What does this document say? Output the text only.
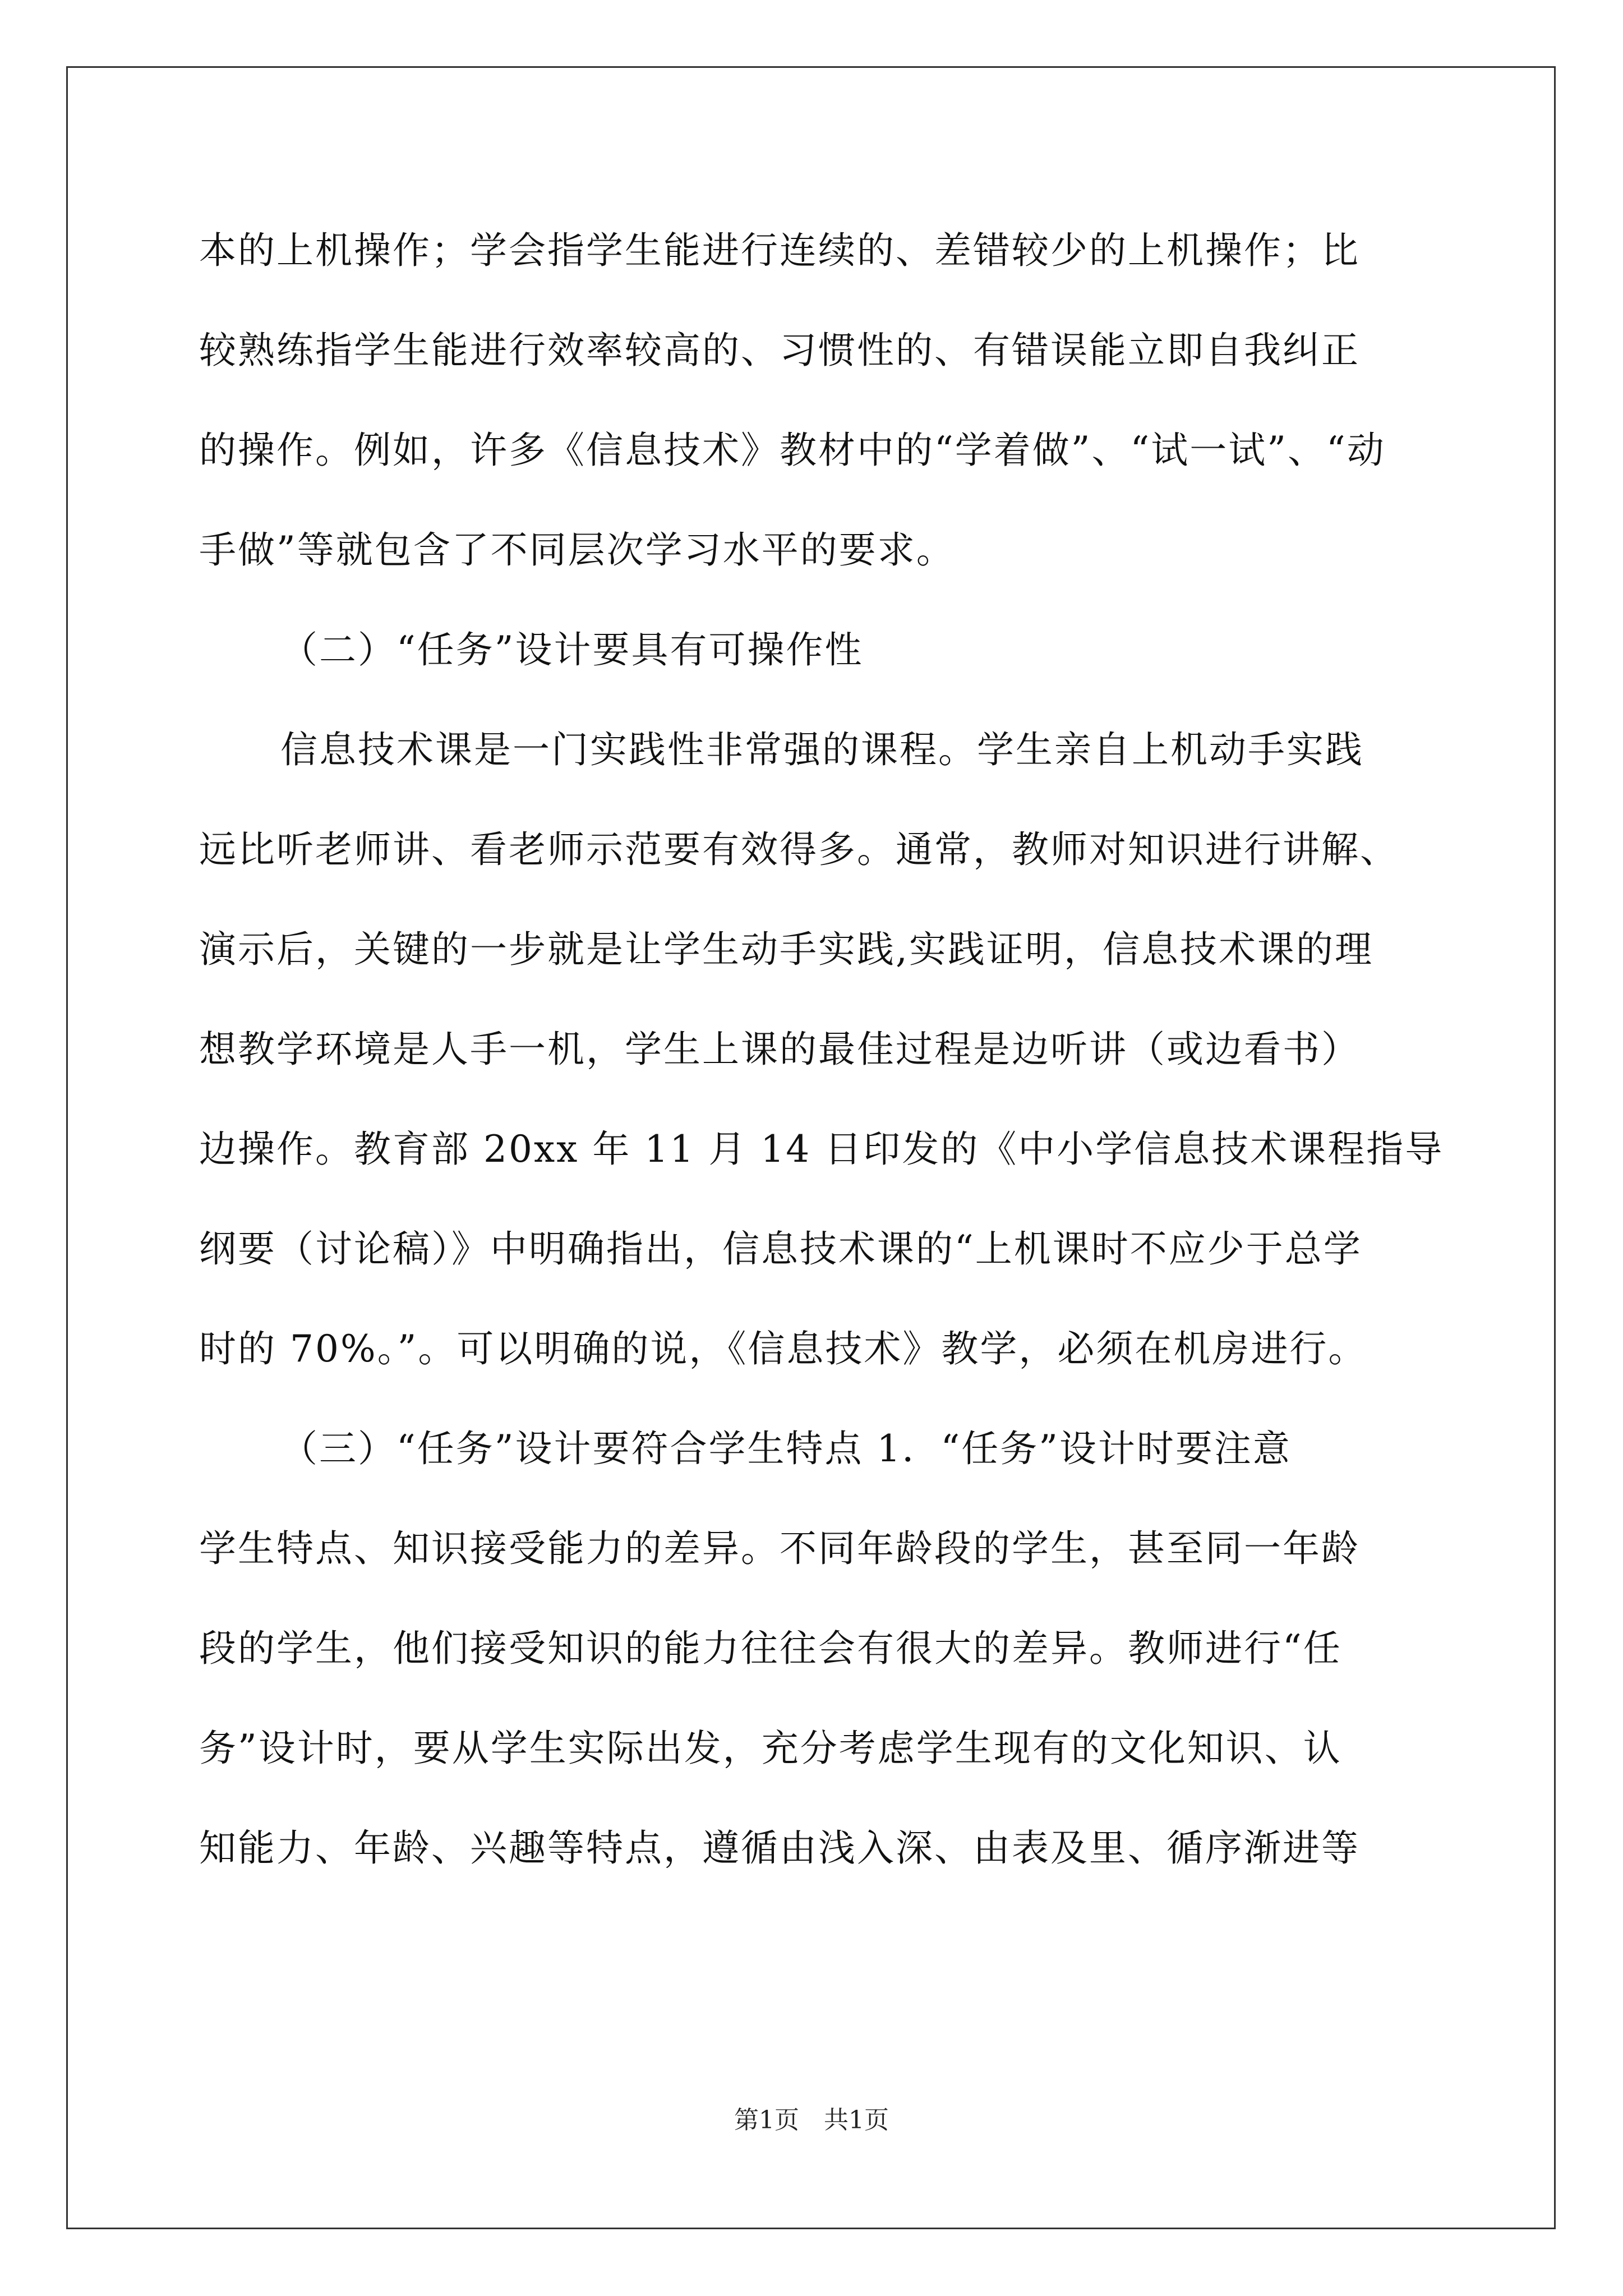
本的上机操作；学会指学生能进行连续的、差错较少的上机操作；比
较熟练指学生能进行效率较高的、习惯性的、有错误能立即自我纠正
的操作。例如，许多《信息技术》教材中的“学着做”、“试一试”、“动
手做”等就包含了不同层次学习水平的要求。
（二）“任务”设计要具有可操作性
信息技术课是一门实践性非常强的课程。学生亲自上机动手实践
远比听老师讲、看老师示范要有效得多。通常，教师对知识进行讲解、
演示后，关键的一步就是让学生动手实践,实践证明，信息技术课的理
想教学环境是人手一机，学生上课的最佳过程是边听讲（或边看书）
边操作。教育部 20xx 年 11 月 14 日印发的《中小学信息技术课程指导
纲要（讨论稿）》中明确指出，信息技术课的“上机课时不应少于总学
时的 70%。”。可以明确的说，《信息技术》教学，必须在机房进行。
（三）“任务”设计要符合学生特点 1．“任务”设计时要注意
学生特点、知识接受能力的差异。不同年龄段的学生，甚至同一年龄
段的学生，他们接受知识的能力往往会有很大的差异。教师进行“任
务”设计时，要从学生实际出发，充分考虑学生现有的文化知识、认
知能力、年龄、兴趣等特点，遵循由浅入深、由表及里、循序渐进等
第1页　共1页
